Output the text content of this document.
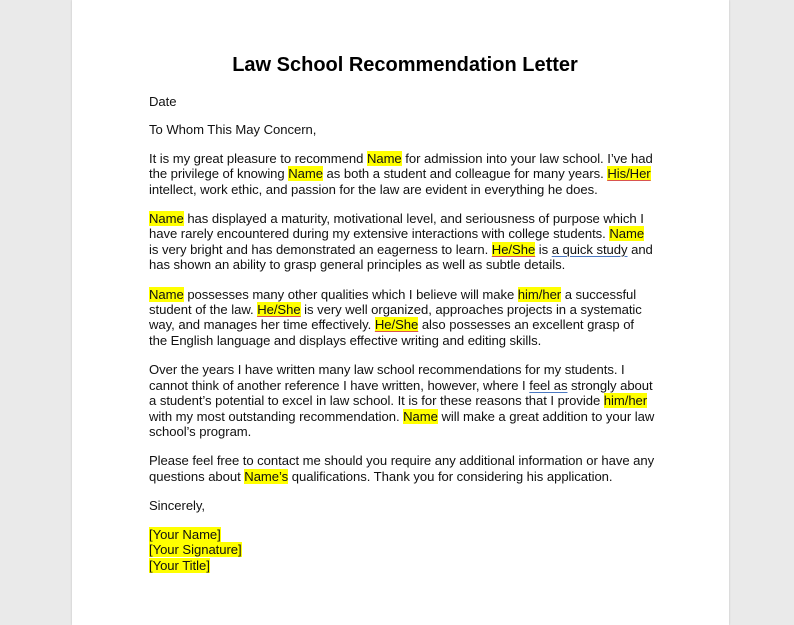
Law School Recommendation Letter
Date
To Whom This May Concern,
It is my great pleasure to recommend Name for admission into your law school. I’ve had
the privilege of knowing Name as both a student and colleague for many years. His/Her
intellect, work ethic, and passion for the law are evident in everything he does.
Name has displayed a maturity, motivational level, and seriousness of purpose which I
have rarely encountered during my extensive interactions with college students. Name
is very bright and has demonstrated an eagerness to learn. He/She is a quick study and
has shown an ability to grasp general principles as well as subtle details.
Name possesses many other qualities which I believe will make him/her a successful
student of the law. He/She is very well organized, approaches projects in a systematic
way, and manages her time effectively. He/She also possesses an excellent grasp of
the English language and displays effective writing and editing skills.
Over the years I have written many law school recommendations for my students. I
cannot think of another reference I have written, however, where I feel as strongly about
a student’s potential to excel in law school. It is for these reasons that I provide him/her
with my most outstanding recommendation. Name will make a great addition to your law
school’s program.
Please feel free to contact me should you require any additional information or have any
questions about Name’s qualifications. Thank you for considering his application.
Sincerely,
[Your Name]
[Your Signature]
[Your Title]
